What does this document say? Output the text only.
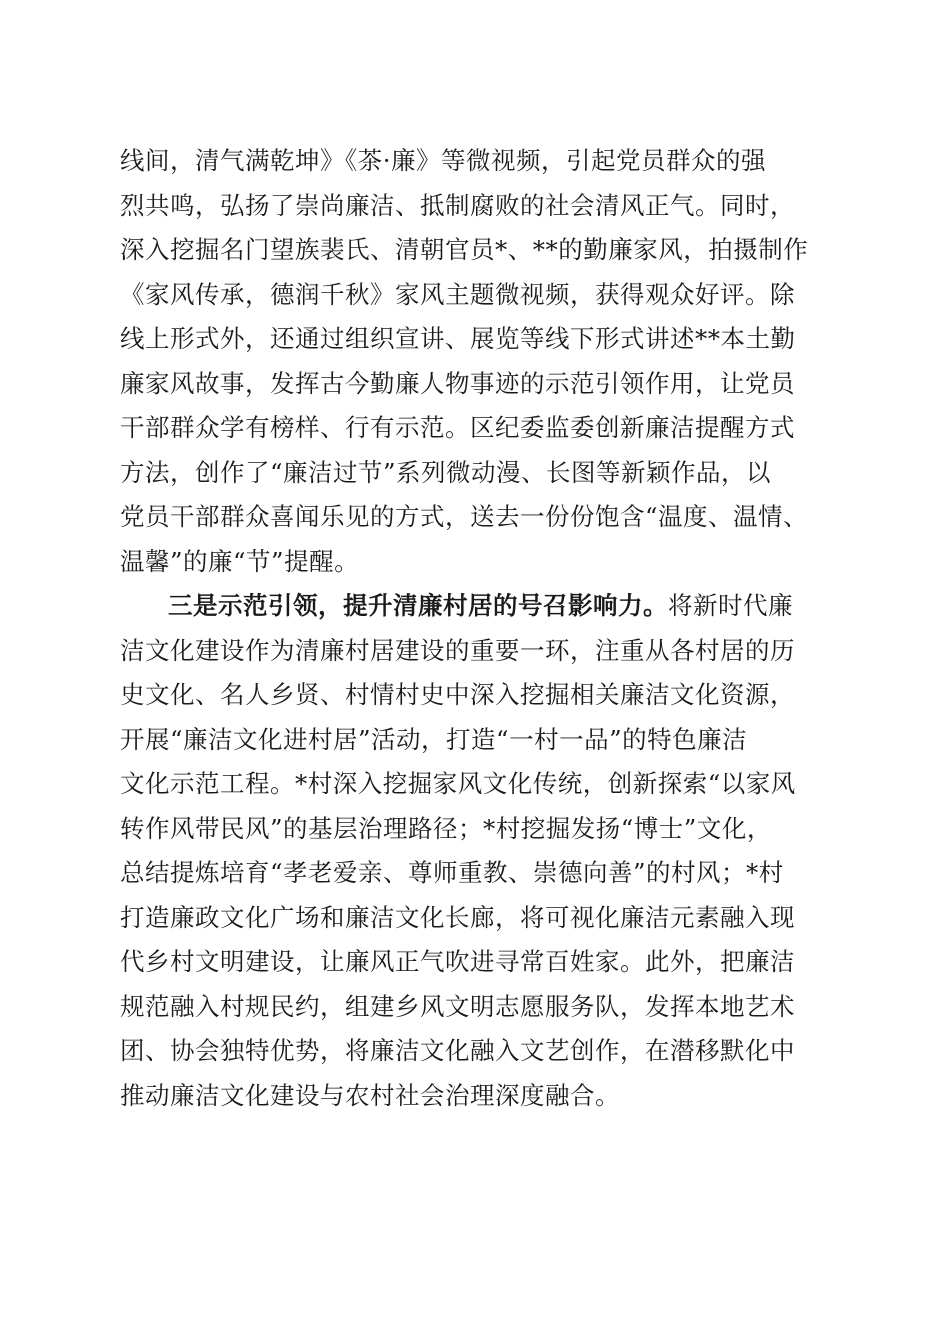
线间，清气满乾坤》《茶·廉》等微视频，引起党员群众的强
烈共鸣，弘扬了崇尚廉洁、抵制腐败的社会清风正气。同时，
深入挖掘名门望族裴氏、清朝官员*、**的勤廉家风，拍摄制作
《家风传承，德润千秋》家风主题微视频，获得观众好评。除
线上形式外，还通过组织宣讲、展览等线下形式讲述**本土勤
廉家风故事，发挥古今勤廉人物事迹的示范引领作用，让党员
干部群众学有榜样、行有示范。区纪委监委创新廉洁提醒方式
方法，创作了“廉洁过节”系列微动漫、长图等新颖作品，以
党员干部群众喜闻乐见的方式，送去一份份饱含“温度、温情、
温馨”的廉“节”提醒。
三是示范引领，提升清廉村居的号召影响力。将新时代廉
洁文化建设作为清廉村居建设的重要一环，注重从各村居的历
史文化、名人乡贤、村情村史中深入挖掘相关廉洁文化资源，
开展“廉洁文化进村居”活动，打造“一村一品”的特色廉洁
文化示范工程。*村深入挖掘家风文化传统，创新探索“以家风
转作风带民风”的基层治理路径；*村挖掘发扬“博士”文化，
总结提炼培育“孝老爱亲、尊师重教、崇德向善”的村风；*村
打造廉政文化广场和廉洁文化长廊，将可视化廉洁元素融入现
代乡村文明建设，让廉风正气吹进寻常百姓家。此外，把廉洁
规范融入村规民约，组建乡风文明志愿服务队，发挥本地艺术
团、协会独特优势，将廉洁文化融入文艺创作，在潜移默化中
推动廉洁文化建设与农村社会治理深度融合。
